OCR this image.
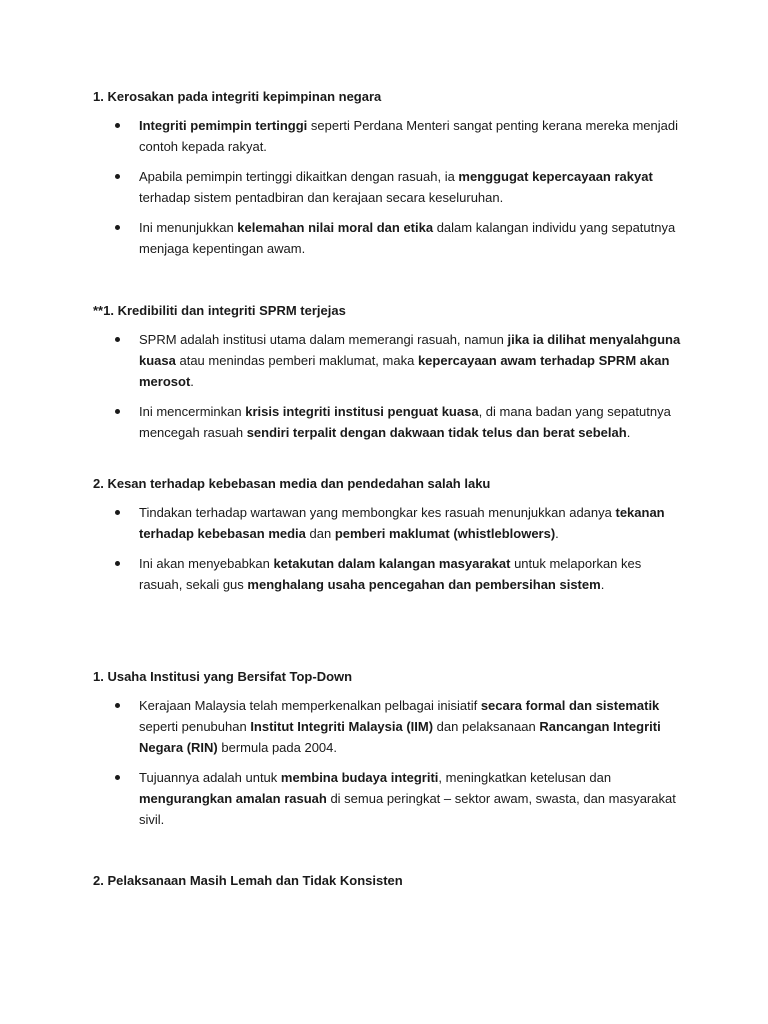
1. Kerosakan pada integriti kepimpinan negara
Integriti pemimpin tertinggi seperti Perdana Menteri sangat penting kerana mereka menjadi contoh kepada rakyat.
Apabila pemimpin tertinggi dikaitkan dengan rasuah, ia menggugat kepercayaan rakyat terhadap sistem pentadbiran dan kerajaan secara keseluruhan.
Ini menunjukkan kelemahan nilai moral dan etika dalam kalangan individu yang sepatutnya menjaga kepentingan awam.
**1. Kredibiliti dan integriti SPRM terjejas
SPRM adalah institusi utama dalam memerangi rasuah, namun jika ia dilihat menyalahguna kuasa atau menindas pemberi maklumat, maka kepercayaan awam terhadap SPRM akan merosot.
Ini mencerminkan krisis integriti institusi penguat kuasa, di mana badan yang sepatutnya mencegah rasuah sendiri terpalit dengan dakwaan tidak telus dan berat sebelah.
2. Kesan terhadap kebebasan media dan pendedahan salah laku
Tindakan terhadap wartawan yang membongkar kes rasuah menunjukkan adanya tekanan terhadap kebebasan media dan pemberi maklumat (whistleblowers).
Ini akan menyebabkan ketakutan dalam kalangan masyarakat untuk melaporkan kes rasuah, sekali gus menghalang usaha pencegahan dan pembersihan sistem.
1. Usaha Institusi yang Bersifat Top-Down
Kerajaan Malaysia telah memperkenalkan pelbagai inisiatif secara formal dan sistematik seperti penubuhan Institut Integriti Malaysia (IIM) dan pelaksanaan Rancangan Integriti Negara (RIN) bermula pada 2004.
Tujuannya adalah untuk membina budaya integriti, meningkatkan ketelusan dan mengurangkan amalan rasuah di semua peringkat – sektor awam, swasta, dan masyarakat sivil.
2. Pelaksanaan Masih Lemah dan Tidak Konsisten
